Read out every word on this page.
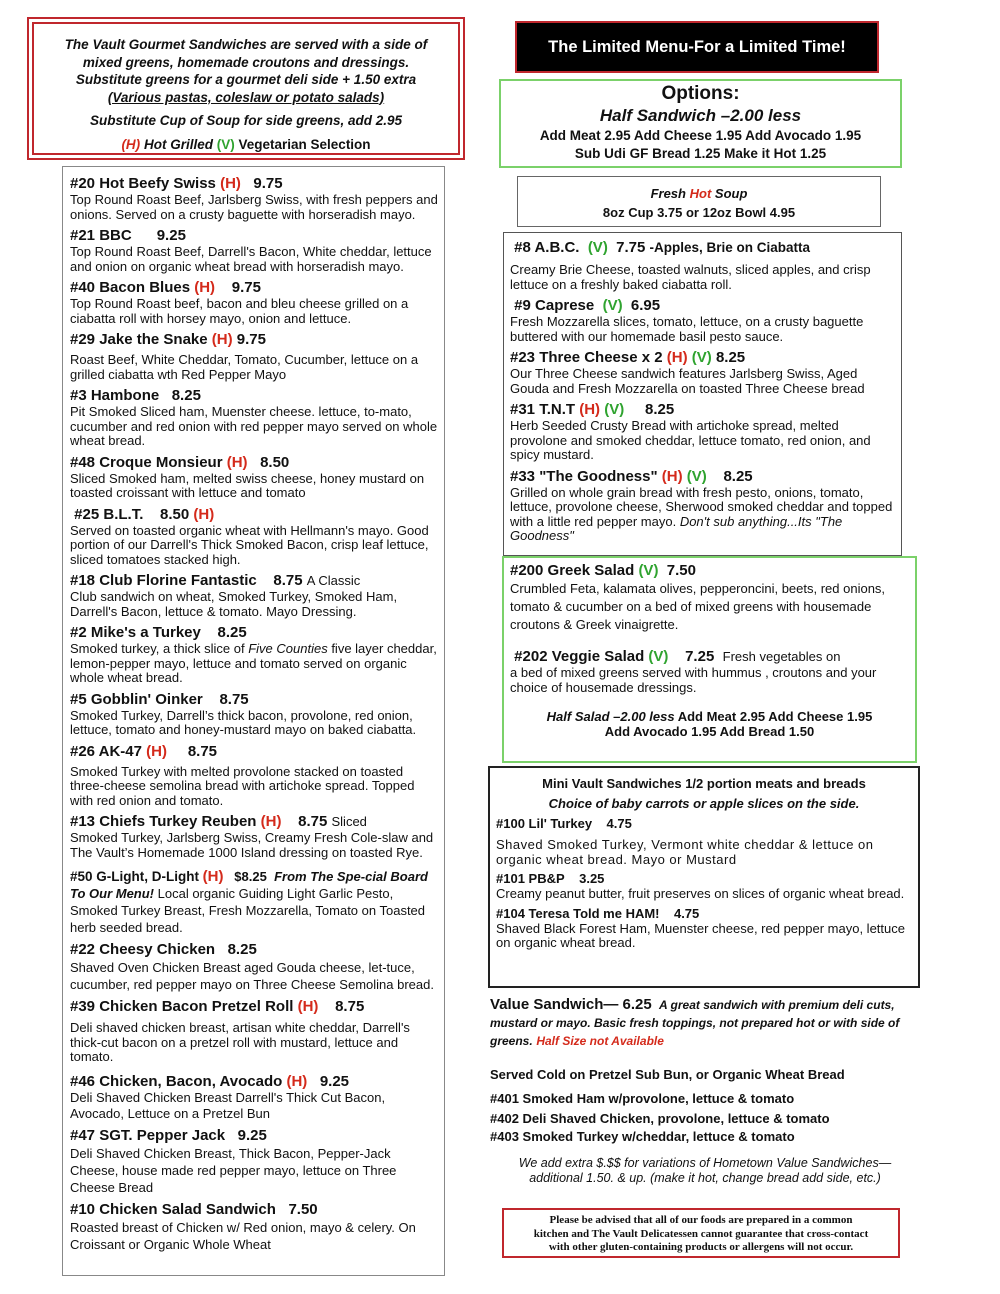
The Vault Gourmet Sandwiches are served with a side of
mixed greens, homemade croutons and dressings.
Substitute greens for a gourmet deli side + 1.50 extra
(Various pastas, coleslaw or potato salads)
Substitute Cup of Soup for side greens, add 2.95
(H) Hot Grilled (V) Vegetarian Selection
#20 Hot Beefy Swiss (H) 9.75
Top Round Roast Beef, Jarlsberg Swiss, with fresh peppers and onions. Served on a crusty baguette with horseradish mayo.
#21 BBC 9.25
Top Round Roast Beef, Darrell's Bacon, White cheddar, lettuce and onion on organic wheat bread with horseradish mayo.
#40 Bacon Blues (H) 9.75
Top Round Roast beef, bacon and bleu cheese grilled on a ciabatta roll with horsey mayo, onion and lettuce.
#29 Jake the Snake (H) 9.75
Roast Beef, White Cheddar, Tomato, Cucumber, lettuce on a grilled ciabatta wth Red Pepper Mayo
#3 Hambone 8.25
Pit Smoked Sliced ham, Muenster cheese. lettuce, to-mato, cucumber and red onion with red pepper mayo served on whole wheat bread.
#48 Croque Monsieur (H) 8.50
Sliced Smoked ham, melted swiss cheese, honey mustard on toasted croissant with lettuce and tomato
#25 B.L.T. 8.50 (H)
Served on toasted organic wheat with Hellmann's mayo. Good portion of our Darrell's Thick Smoked Bacon, crisp leaf lettuce, sliced tomatoes stacked high.
#18 Club Florine Fantastic 8.75 A Classic
Club sandwich on wheat, Smoked Turkey, Smoked Ham, Darrell's Bacon, lettuce & tomato. Mayo Dressing.
#2 Mike's a Turkey 8.25
Smoked turkey, a thick slice of Five Counties five layer cheddar, lemon-pepper mayo, lettuce and tomato served on organic whole wheat bread.
#5 Gobblin' Oinker 8.75
Smoked Turkey, Darrell’s thick bacon, provolone, red onion, lettuce, tomato and honey-mustard mayo on baked ciabatta.
#26 AK-47 (H) 8.75
Smoked Turkey with melted provolone stacked on toasted three-cheese semolina bread with artichoke spread. Topped with red onion and tomato.
#13 Chiefs Turkey Reuben (H) 8.75 Sliced
Smoked Turkey, Jarlsberg Swiss, Creamy Fresh Cole-slaw and The Vault’s Homemade 1000 Island dressing on toasted Rye.
#50 G-Light, D-Light (H) $8.25 From The Spe-cial Board To Our Menu! Local organic Guiding Light Garlic Pesto, Smoked Turkey Breast, Fresh Mozzarella, Tomato on Toasted herb seeded bread.
#22 Cheesy Chicken 8.25
Shaved Oven Chicken Breast aged Gouda cheese, let-tuce, cucumber, red pepper mayo on Three Cheese Semolina bread.
#39 Chicken Bacon Pretzel Roll (H) 8.75
Deli shaved chicken breast, artisan white cheddar, Darrell's thick-cut bacon on a pretzel roll with mustard, lettuce and tomato.
#46 Chicken, Bacon, Avocado (H) 9.25
Deli Shaved Chicken Breast Darrell's Thick Cut Bacon,
Avocado, Lettuce on a Pretzel Bun
#47 SGT. Pepper Jack 9.25
Deli Shaved Chicken Breast, Thick Bacon, Pepper-Jack Cheese, house made red pepper mayo, lettuce on Three Cheese Bread
#10 Chicken Salad Sandwich 7.50
Roasted breast of Chicken w/ Red onion, mayo & celery. On Croissant or Organic Whole Wheat
The Limited Menu-For a Limited Time!
Options:
Half Sandwich –2.00 less
Add Meat 2.95 Add Cheese 1.95 Add Avocado 1.95
Sub Udi GF Bread 1.25 Make it Hot 1.25
Fresh Hot Soup
8oz Cup 3.75 or 12oz Bowl 4.95
#8 A.B.C. (V) 7.75 -Apples, Brie on Ciabatta
Creamy Brie Cheese, toasted walnuts, sliced apples, and crisp lettuce on a freshly baked ciabatta roll.
#9 Caprese (V) 6.95
Fresh Mozzarella slices, tomato, lettuce, on a crusty baguette buttered with our homemade basil pesto sauce.
#23 Three Cheese x 2 (H) (V) 8.25
Our Three Cheese sandwich features Jarlsberg Swiss, Aged Gouda and Fresh Mozzarella on toasted Three Cheese bread
#31 T.N.T (H) (V) 8.25
Herb Seeded Crusty Bread with artichoke spread, melted provolone and smoked cheddar, lettuce tomato, red onion, and spicy mustard.
#33 "The Goodness" (H) (V) 8.25
Grilled on whole grain bread with fresh pesto, onions, tomato, lettuce, provolone cheese, Sherwood smoked cheddar and topped with a little red pepper mayo. Don't sub anything...Its "The Goodness"
#200 Greek Salad (V) 7.50
Crumbled Feta, kalamata olives, pepperoncini, beets, red onions, tomato & cucumber on a bed of mixed greens with housemade croutons & Greek vinaigrette.
#202 Veggie Salad (V) 7.25 Fresh vegetables on
a bed of mixed greens served with hummus , croutons and your choice of housemade dressings.
Half Salad –2.00 less Add Meat 2.95 Add Cheese 1.95
Add Avocado 1.95 Add Bread 1.50
Mini Vault Sandwiches 1/2 portion meats and breads
Choice of baby carrots or apple slices on the side.
#100 Lil' Turkey 4.75
Shaved Smoked Turkey, Vermont white cheddar & lettuce on organic wheat bread. Mayo or Mustard
#101 PB&P 3.25
Creamy peanut butter, fruit preserves on slices of organic wheat bread.
#104 Teresa Told me HAM! 4.75
Shaved Black Forest Ham, Muenster cheese, red pepper mayo, lettuce on organic wheat bread.
Value Sandwich— 6.25 A great sandwich with premium deli cuts, mustard or mayo. Basic fresh toppings, not prepared hot or with side of greens. Half Size not Available
Served Cold on Pretzel Sub Bun, or Organic Wheat Bread
#401 Smoked Ham w/provolone, lettuce & tomato
#402 Deli Shaved Chicken, provolone, lettuce & tomato
#403 Smoked Turkey w/cheddar, lettuce & tomato
We add extra $.$$ for variations of Hometown Value Sandwiches—
additional 1.50. & up. (make it hot, change bread add side, etc.)
Please be advised that all of our foods are prepared in a common
kitchen and The Vault Delicatessen cannot guarantee that cross-contact
with other gluten-containing products or allergens will not occur.
